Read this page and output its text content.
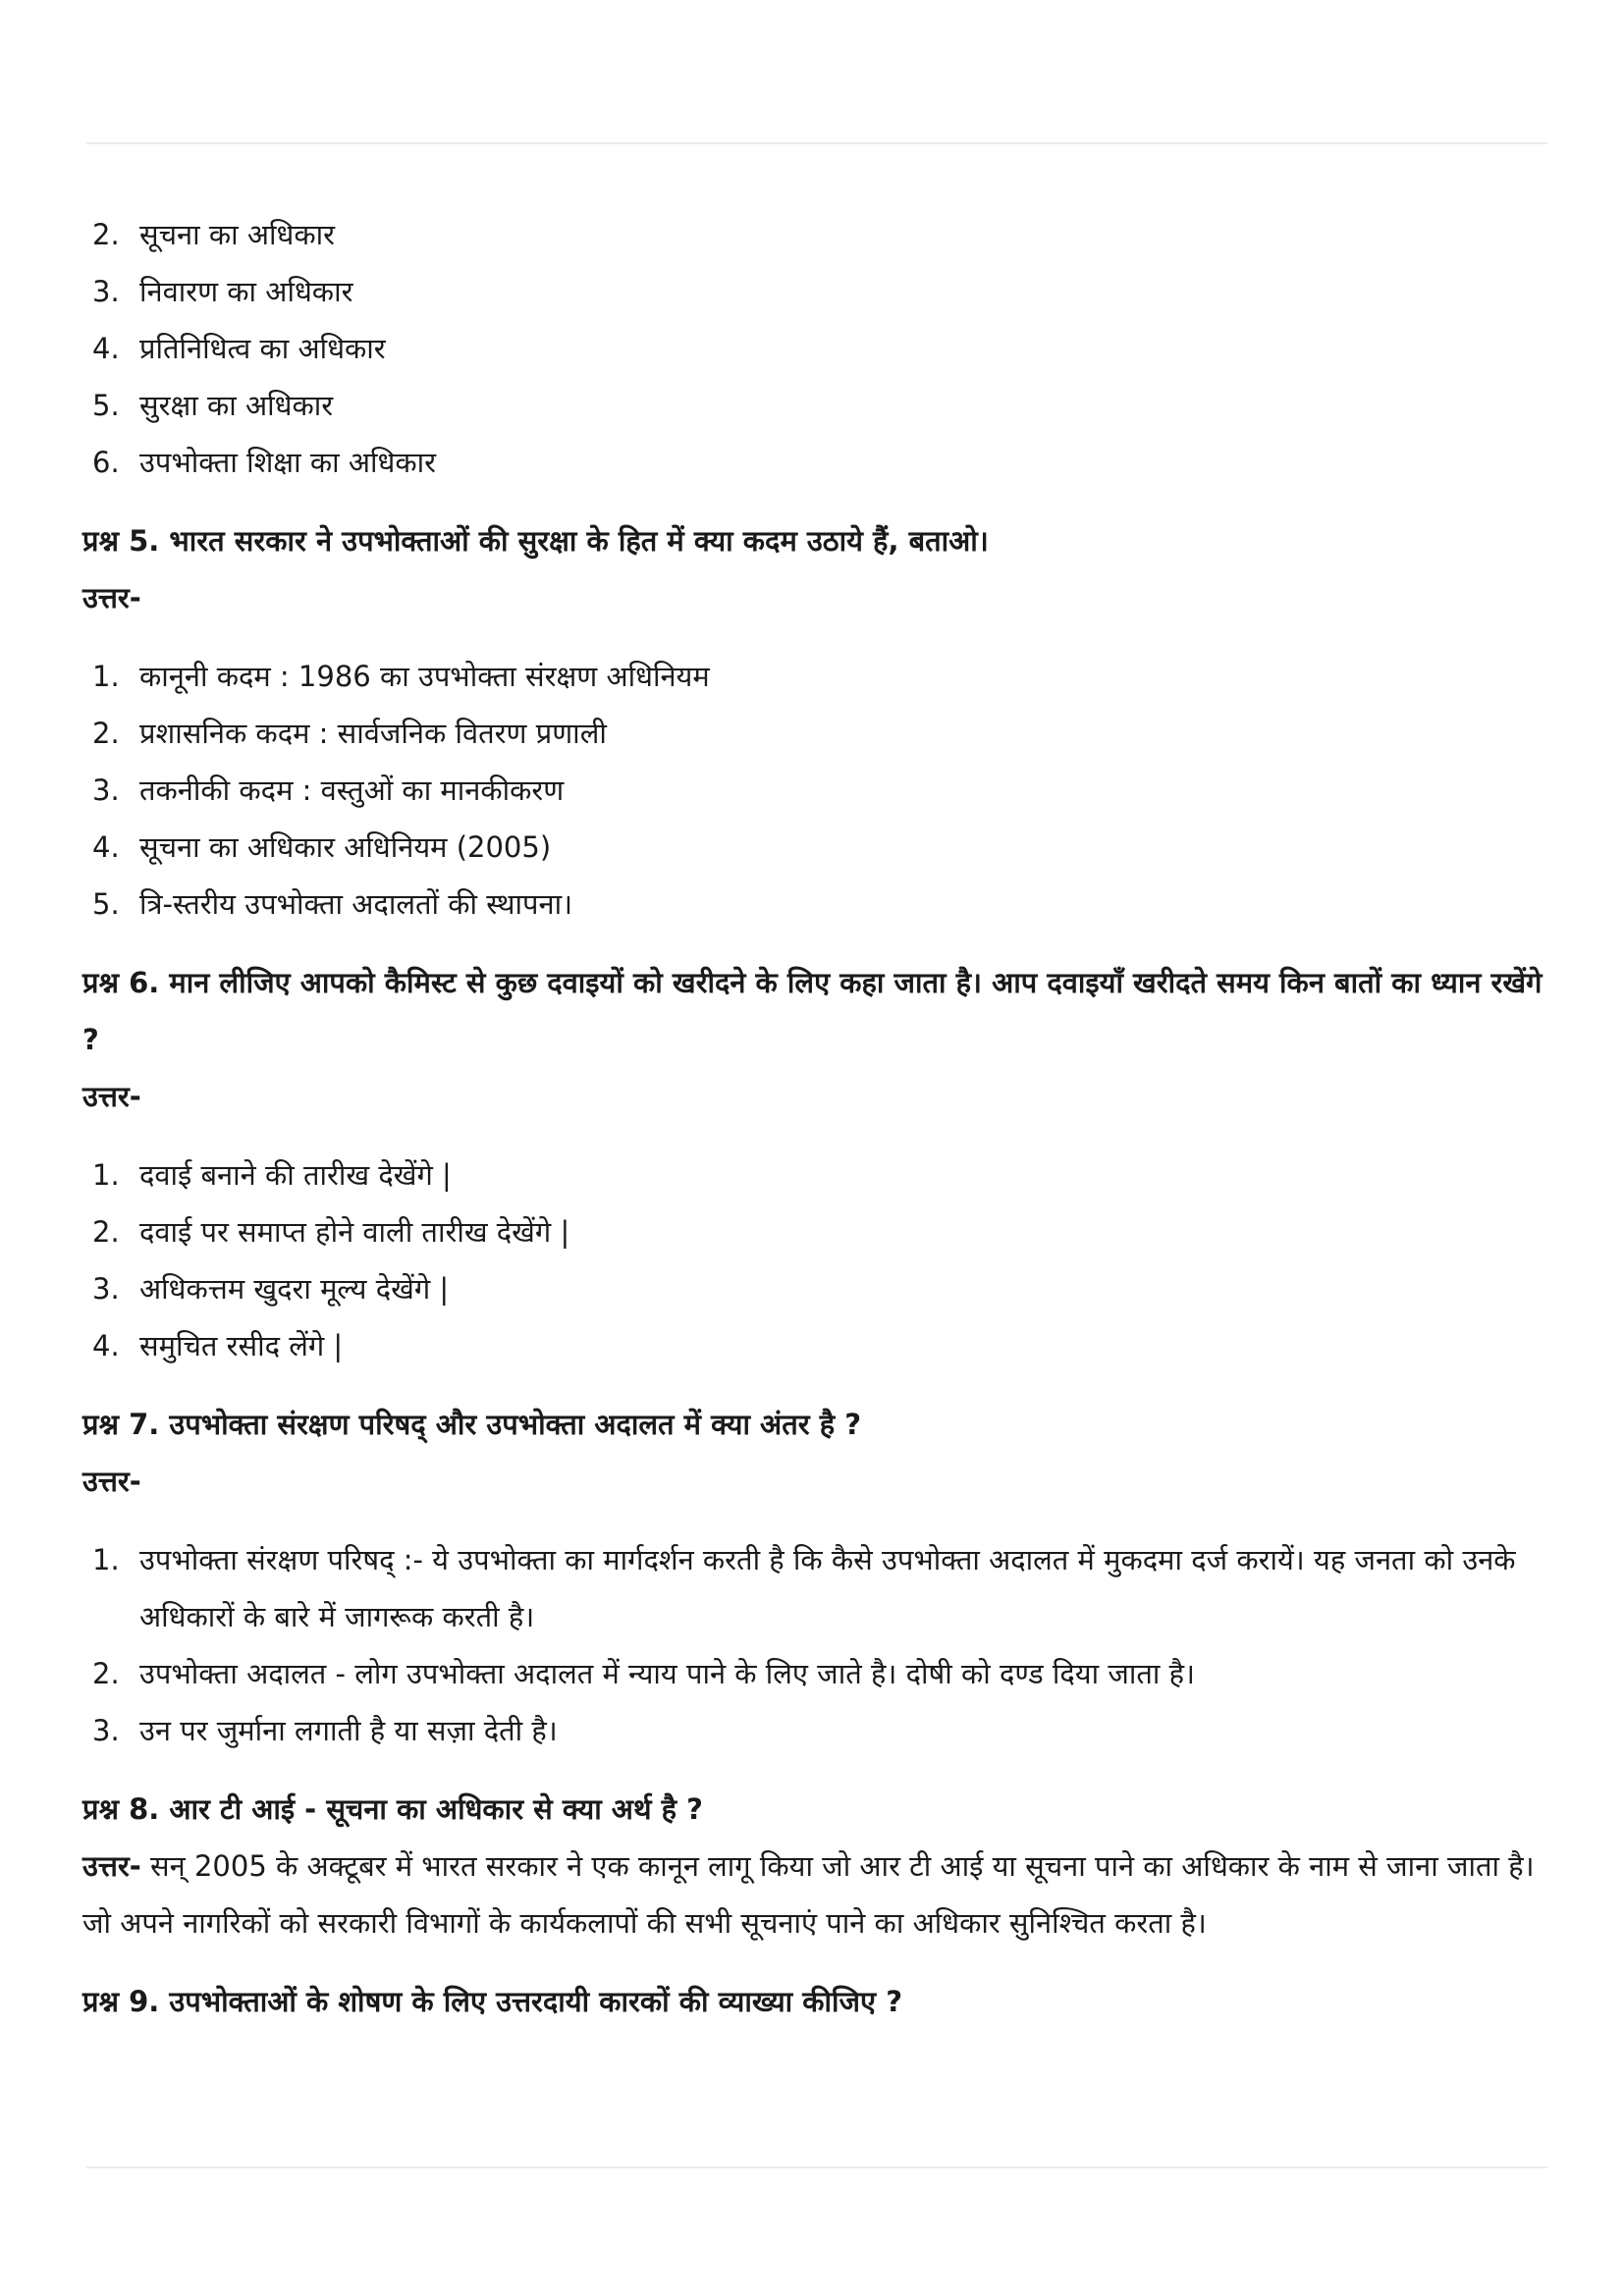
2. सूचना का अधिकार
3. निवारण का अधिकार
4. प्रतिनिधित्व का अधिकार
5. सुरक्षा का अधिकार
6. उपभोक्ता शिक्षा का अधिकार

प्रश्न 5. भारत सरकार ने उपभोक्ताओं की सुरक्षा के हित में क्या कदम उठाये हैं, बताओ।

उत्तर-

1. कानूनी कदम : 1986 का उपभोक्ता संरक्षण अधिनियम
2. प्रशासनिक कदम : सार्वजनिक वितरण प्रणाली
3. तकनीकी कदम : वस्तुओं का मानकीकरण
4. सूचना का अधिकार अधिनियम (2005)
5. त्रि-स्तरीय उपभोक्ता अदालतों की स्थापना।

प्रश्न 6. मान लीजिए आपको कैमिस्ट से कुछ दवाइयों को खरीदने के लिए कहा जाता है। आप दवाइयाँ खरीदते समय किन बातों का ध्यान रखेंगे ?

उत्तर-

1. दवाई बनाने की तारीख देखेंगे |
2. दवाई पर समाप्त होने वाली तारीख देखेंगे |
3. अधिकत्तम खुदरा मूल्य देखेंगे |
4. समुचित रसीद लेंगे |

प्रश्न 7. उपभोक्ता संरक्षण परिषद् और उपभोक्ता अदालत में क्या अंतर है ?

उत्तर-

1. उपभोक्ता संरक्षण परिषद् :- ये उपभोक्ता का मार्गदर्शन करती है कि कैसे उपभोक्ता अदालत में मुकदमा दर्ज करायें। यह जनता को उनके अधिकारों के बारे में जागरूक करती है।
2. उपभोक्ता अदालत - लोग उपभोक्ता अदालत में न्याय पाने के लिए जाते है। दोषी को दण्ड दिया जाता है।
3. उन पर जुर्माना लगाती है या सज़ा देती है।

प्रश्न 8. आर टी आई - सूचना का अधिकार से क्या अर्थ है ?

उत्तर- सन् 2005 के अक्टूबर में भारत सरकार ने एक कानून लागू किया जो आर टी आई या सूचना पाने का अधिकार के नाम से जाना जाता है। जो अपने नागरिकों को सरकारी विभागों के कार्यकलापों की सभी सूचनाएं पाने का अधिकार सुनिश्चित करता है।

प्रश्न 9. उपभोक्ताओं के शोषण के लिए उत्तरदायी कारकों की व्याख्या कीजिए ?
